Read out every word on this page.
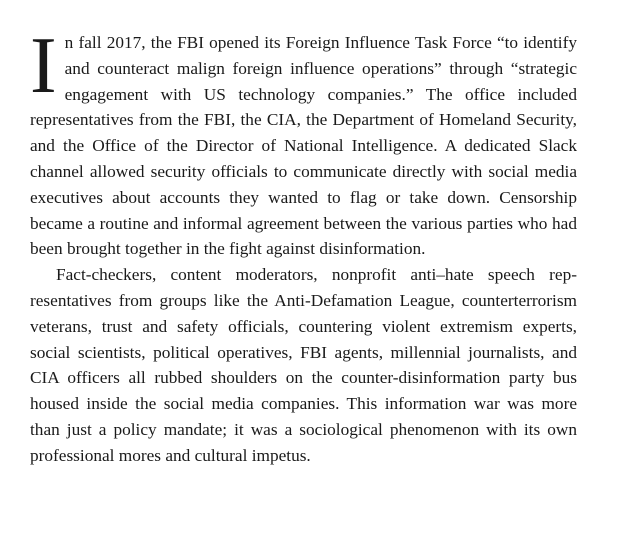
In fall 2017, the FBI opened its Foreign Influence Task Force “to identify and counteract malign foreign influence operations” through “strategic engagement with US technology companies.” The office included representatives from the FBI, the CIA, the Department of Homeland Security, and the Office of the Director of National Intelligence. A dedicated Slack channel allowed security officials to communicate directly with social media executives about accounts they wanted to flag or take down. Censorship became a routine and informal agreement between the various parties who had been brought together in the fight against disinformation.

Fact-checkers, content moderators, nonprofit anti–hate speech representatives from groups like the Anti-Defamation League, counterterrorism veterans, trust and safety officials, countering violent extremism experts, social scientists, political operatives, FBI agents, millennial journalists, and CIA officers all rubbed shoulders on the counter-disinformation party bus housed inside the social media companies. This information war was more than just a policy mandate; it was a sociological phenomenon with its own professional mores and cultural impetus.
